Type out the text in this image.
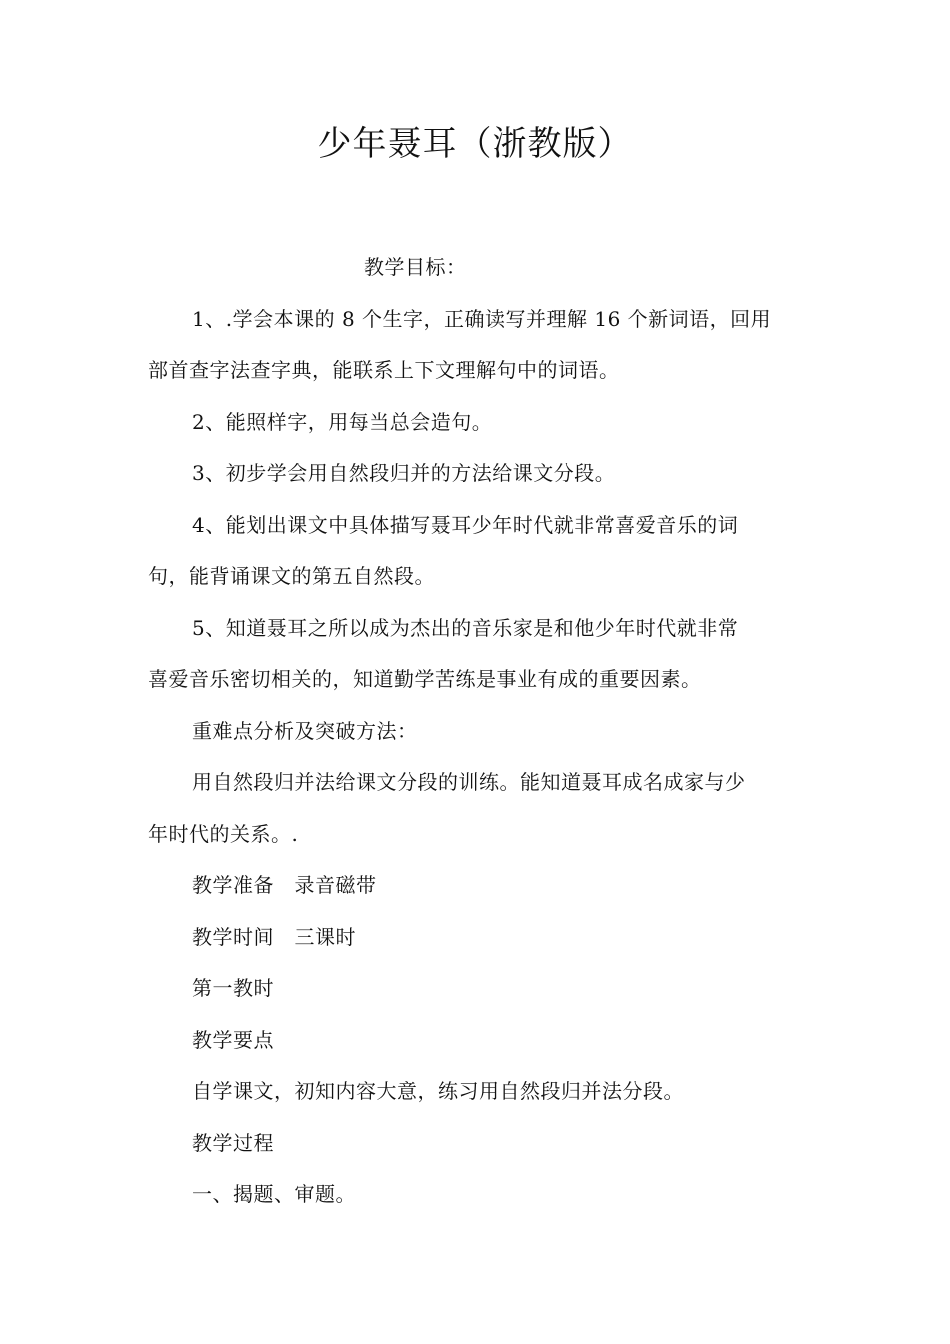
少年聂耳（浙教版）

教学目标：

1、.学会本课的 8 个生字，正确读写并理解 16 个新词语，回用
部首查字法查字典，能联系上下文理解句中的词语。

2、能照样字，用每当总会造句。

3、初步学会用自然段归并的方法给课文分段。

4、能划出课文中具体描写聂耳少年时代就非常喜爱音乐的词
句，能背诵课文的第五自然段。

5、知道聂耳之所以成为杰出的音乐家是和他少年时代就非常
喜爱音乐密切相关的，知道勤学苦练是事业有成的重要因素。

重难点分析及突破方法：

用自然段归并法给课文分段的训练。能知道聂耳成名成家与少
年时代的关系。.

教学准备　录音磁带

教学时间　三课时

第一教时

教学要点

自学课文，初知内容大意，练习用自然段归并法分段。

教学过程

一、揭题、审题。
